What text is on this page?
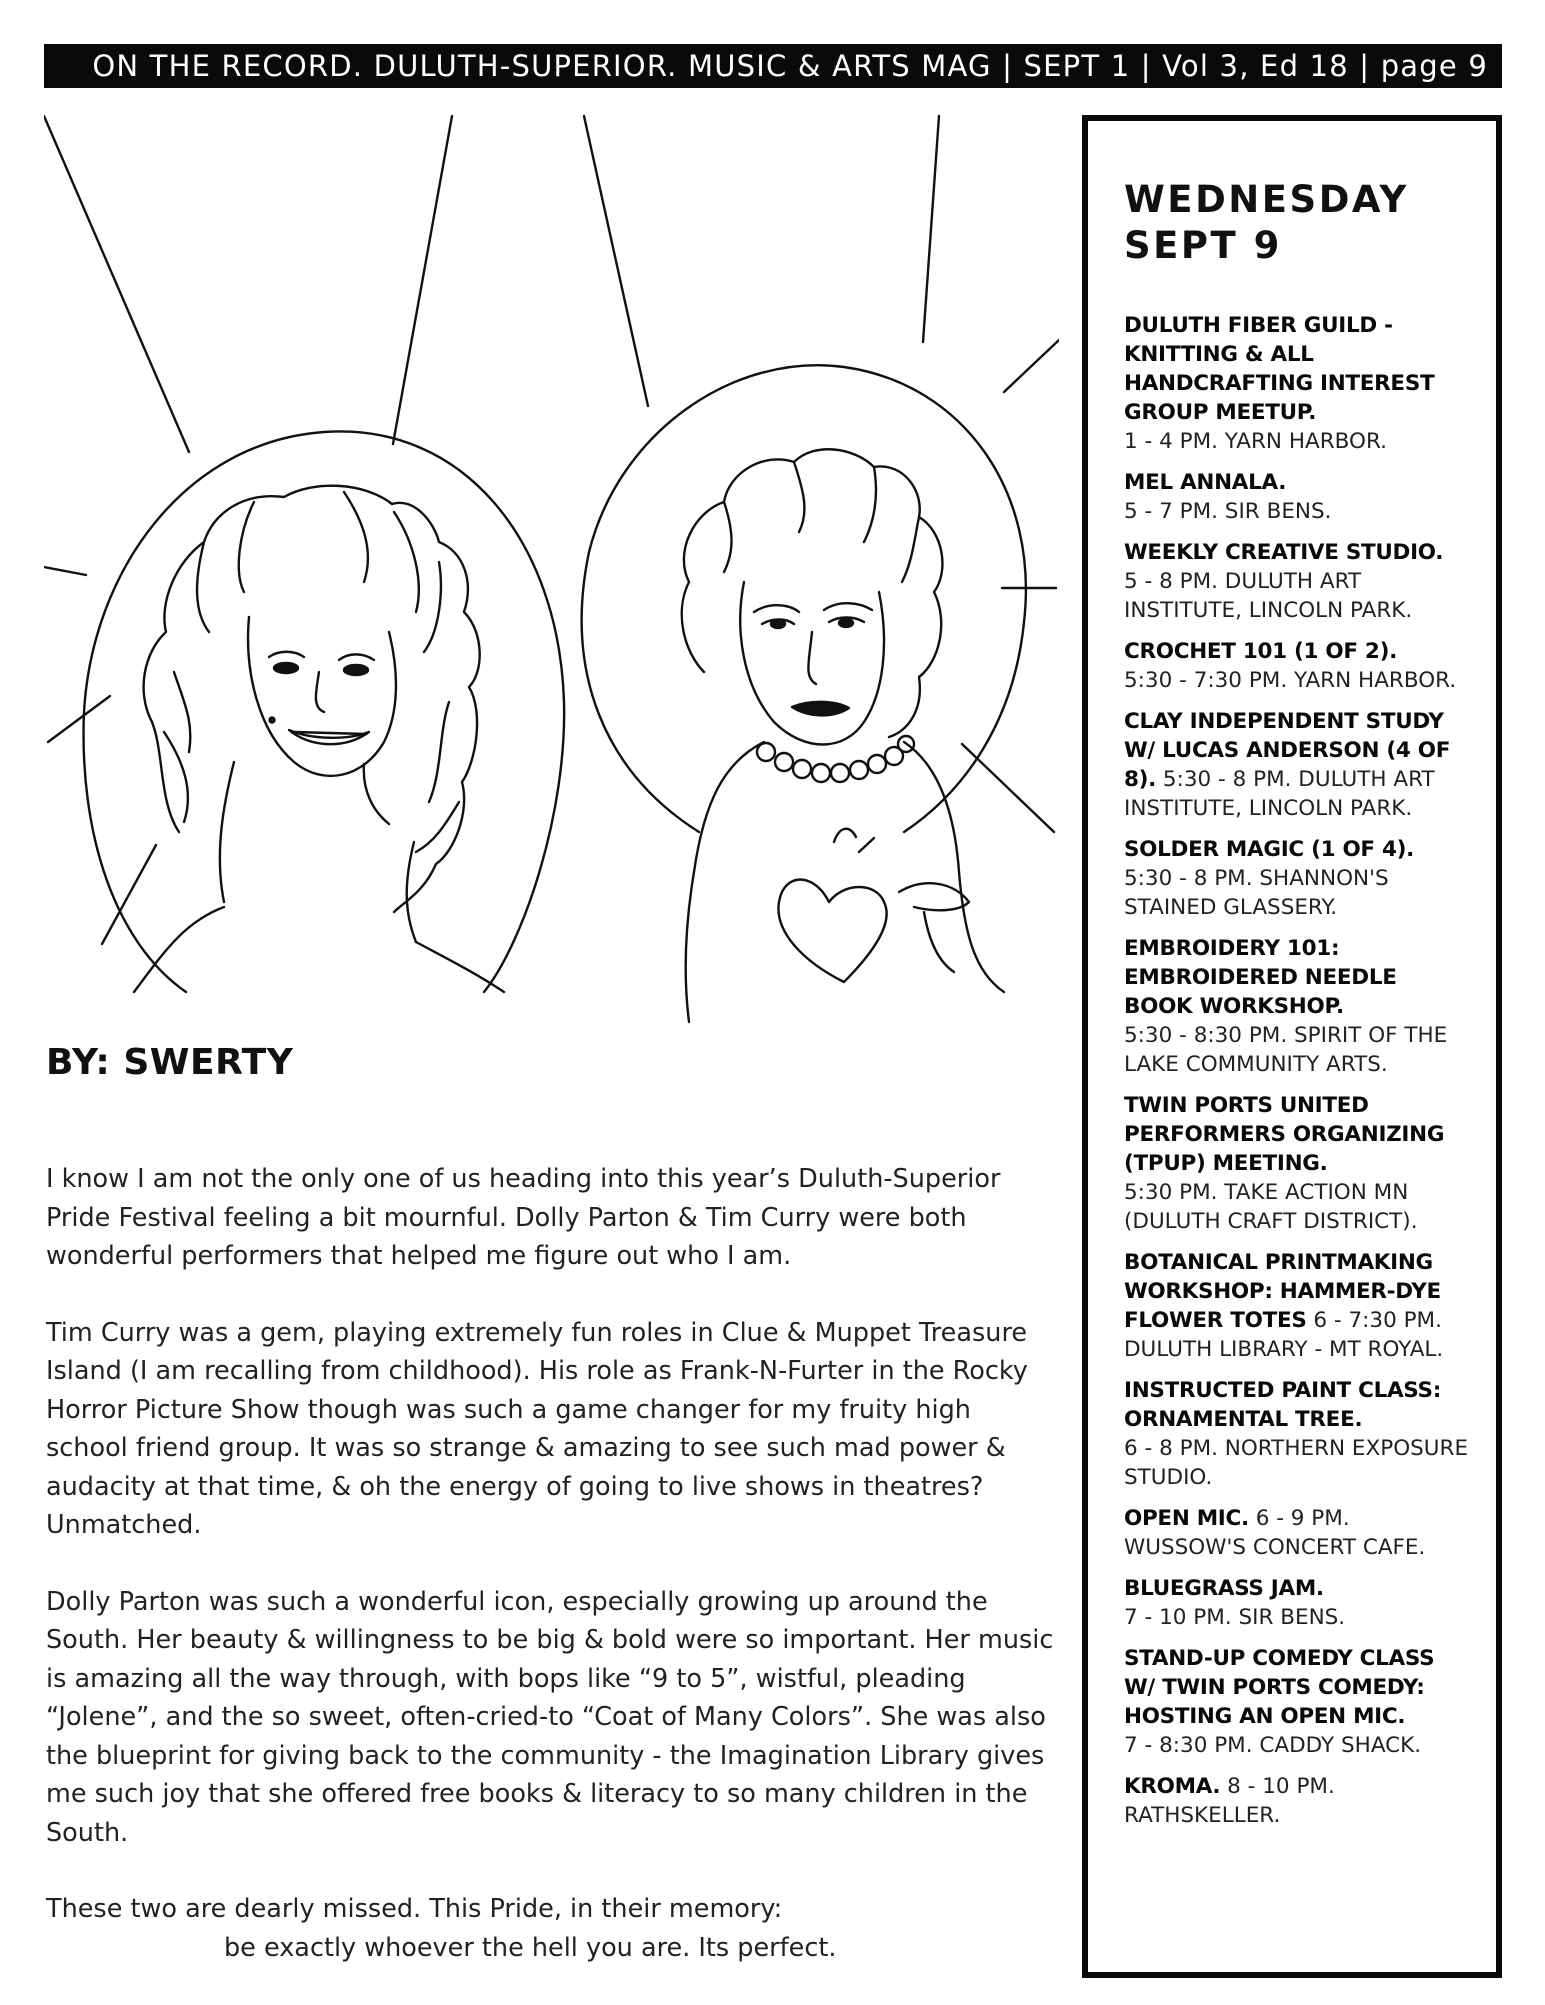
ON THE RECORD. DULUTH-SUPERIOR. MUSIC & ARTS MAG | SEPT 1 | Vol 3, Ed 18 | page 9
BY: SWERTY

I know I am not the only one of us heading into this year’s Duluth-Superior Pride Festival feeling a bit mournful. Dolly Parton & Tim Curry were both wonderful performers that helped me figure out who I am.

Tim Curry was a gem, playing extremely fun roles in Clue & Muppet Treasure Island (I am recalling from childhood). His role as Frank-N-Furter in the Rocky Horror Picture Show though was such a game changer for my fruity high school friend group. It was so strange & amazing to see such mad power & audacity at that time, & oh the energy of going to live shows in theatres? Unmatched.

Dolly Parton was such a wonderful icon, especially growing up around the South. Her beauty & willingness to be big & bold were so important. Her music is amazing all the way through, with bops like “9 to 5”, wistful, pleading “Jolene”, and the so sweet, often-cried-to “Coat of Many Colors”. She was also the blueprint for giving back to the community - the Imagination Library gives me such joy that she offered free books & literacy to so many children in the South.

These two are dearly missed. This Pride, in their memory:
be exactly whoever the hell you are. Its perfect.

WEDNESDAY
SEPT 9
DULUTH FIBER GUILD - KNITTING & ALL HANDCRAFTING INTEREST GROUP MEETUP.
1 - 4 PM. YARN HARBOR.
MEL ANNALA.
5 - 7 PM. SIR BENS.
WEEKLY CREATIVE STUDIO.
5 - 8 PM. DULUTH ART INSTITUTE, LINCOLN PARK.
CROCHET 101 (1 OF 2).
5:30 - 7:30 PM. YARN HARBOR.
CLAY INDEPENDENT STUDY W/ LUCAS ANDERSON (4 OF 8). 5:30 - 8 PM. DULUTH ART INSTITUTE, LINCOLN PARK.
SOLDER MAGIC (1 OF 4).
5:30 - 8 PM. SHANNON'S STAINED GLASSERY.
EMBROIDERY 101: EMBROIDERED NEEDLE BOOK WORKSHOP.
5:30 - 8:30 PM. SPIRIT OF THE LAKE COMMUNITY ARTS.
TWIN PORTS UNITED PERFORMERS ORGANIZING (TPUP) MEETING.
5:30 PM. TAKE ACTION MN (DULUTH CRAFT DISTRICT).
BOTANICAL PRINTMAKING WORKSHOP: HAMMER-DYE FLOWER TOTES 6 - 7:30 PM. DULUTH LIBRARY - MT ROYAL.
INSTRUCTED PAINT CLASS: ORNAMENTAL TREE.
6 - 8 PM. NORTHERN EXPOSURE STUDIO.
OPEN MIC. 6 - 9 PM. WUSSOW'S CONCERT CAFE.
BLUEGRASS JAM.
7 - 10 PM. SIR BENS.
STAND-UP COMEDY CLASS W/ TWIN PORTS COMEDY: HOSTING AN OPEN MIC.
7 - 8:30 PM. CADDY SHACK.
KROMA. 8 - 10 PM. RATHSKELLER.
